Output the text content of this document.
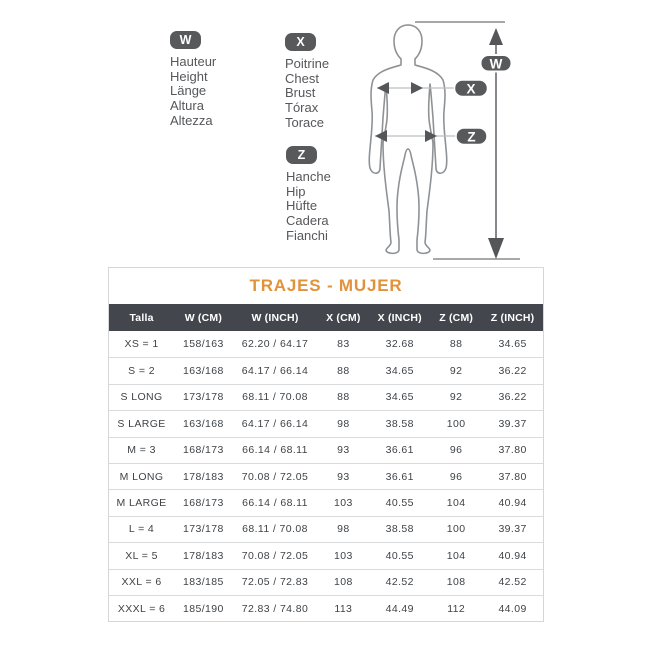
W
Hauteur
Height
Länge
Altura
Altezza
X
Poitrine
Chest
Brust
Tórax
Torace
Z
Hanche
Hip
Hüfte
Cadera
Fianchi
W
X
Z
TRAJES - MUJER
Talla	W (CM)	W (INCH)	X (CM)	X (INCH)	Z (CM)	Z (INCH)
XS = 1	158/163	62.20 / 64.17	83	32.68	88	34.65
S = 2	163/168	64.17 / 66.14	88	34.65	92	36.22
S LONG	173/178	68.11 / 70.08	88	34.65	92	36.22
S LARGE	163/168	64.17 / 66.14	98	38.58	100	39.37
M = 3	168/173	66.14 / 68.11	93	36.61	96	37.80
M LONG	178/183	70.08 / 72.05	93	36.61	96	37.80
M LARGE	168/173	66.14 / 68.11	103	40.55	104	40.94
L = 4	173/178	68.11 / 70.08	98	38.58	100	39.37
XL = 5	178/183	70.08 / 72.05	103	40.55	104	40.94
XXL = 6	183/185	72.05 / 72.83	108	42.52	108	42.52
XXXL = 6	185/190	72.83 / 74.80	113	44.49	112	44.09
